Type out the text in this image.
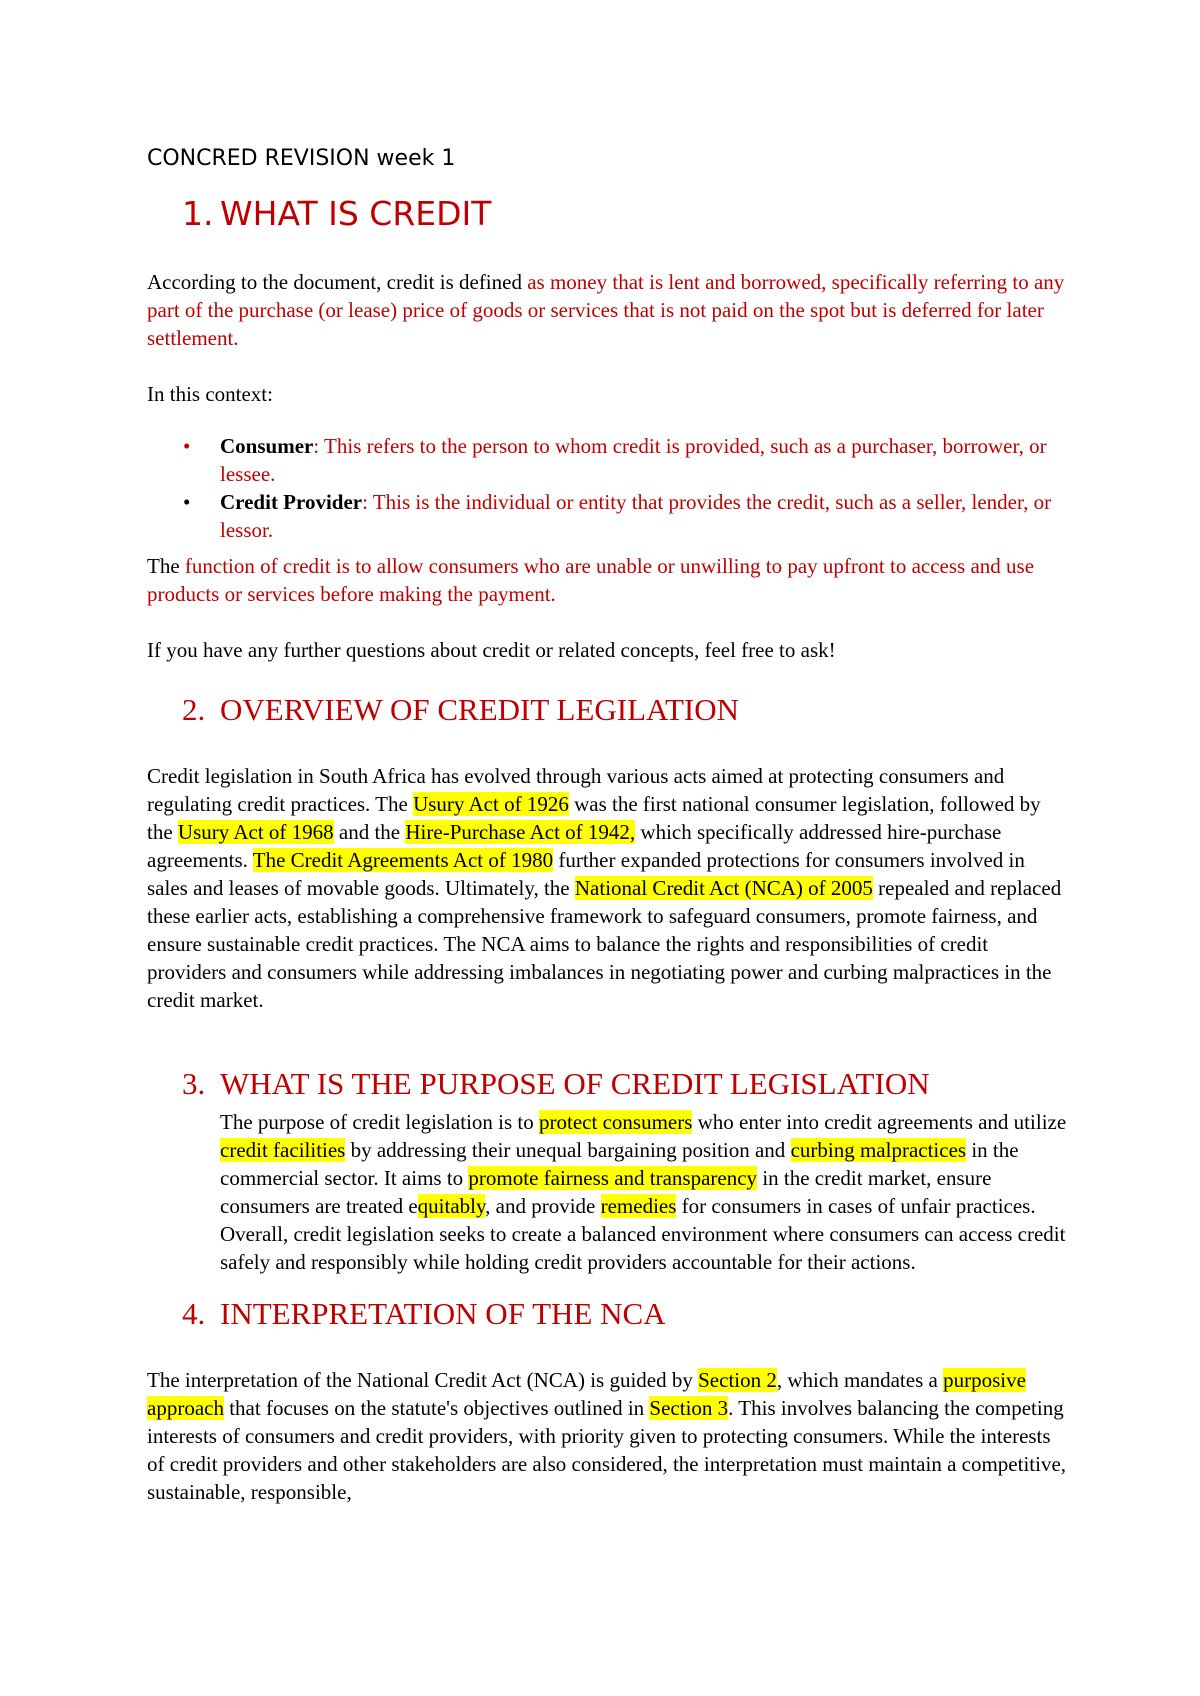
CONCRED REVISION week 1
1. WHAT IS CREDIT

According to the document, credit is defined as money that is lent and borrowed, specifically referring to any part of the purchase (or lease) price of goods or services that is not paid on the spot but is deferred for later settlement.

In this context:

• Consumer: This refers to the person to whom credit is provided, such as a purchaser, borrower, or lessee.
• Credit Provider: This is the individual or entity that provides the credit, such as a seller, lender, or lessor.

The function of credit is to allow consumers who are unable or unwilling to pay upfront to access and use products or services before making the payment.

If you have any further questions about credit or related concepts, feel free to ask!

2. OVERVIEW OF CREDIT LEGILATION

Credit legislation in South Africa has evolved through various acts aimed at protecting consumers and regulating credit practices. The Usury Act of 1926 was the first national consumer legislation, followed by the Usury Act of 1968 and the Hire-Purchase Act of 1942, which specifically addressed hire-purchase agreements. The Credit Agreements Act of 1980 further expanded protections for consumers involved in sales and leases of movable goods. Ultimately, the National Credit Act (NCA) of 2005 repealed and replaced these earlier acts, establishing a comprehensive framework to safeguard consumers, promote fairness, and ensure sustainable credit practices. The NCA aims to balance the rights and responsibilities of credit providers and consumers while addressing imbalances in negotiating power and curbing malpractices in the credit market.

3. WHAT IS THE PURPOSE OF CREDIT LEGISLATION

The purpose of credit legislation is to protect consumers who enter into credit agreements and utilize credit facilities by addressing their unequal bargaining position and curbing malpractices in the commercial sector. It aims to promote fairness and transparency in the credit market, ensure consumers are treated equitably, and provide remedies for consumers in cases of unfair practices. Overall, credit legislation seeks to create a balanced environment where consumers can access credit safely and responsibly while holding credit providers accountable for their actions.

4. INTERPRETATION OF THE NCA

The interpretation of the National Credit Act (NCA) is guided by Section 2, which mandates a purposive approach that focuses on the statute's objectives outlined in Section 3. This involves balancing the competing interests of consumers and credit providers, with priority given to protecting consumers. While the interests of credit providers and other stakeholders are also considered, the interpretation must maintain a competitive, sustainable, responsible,
